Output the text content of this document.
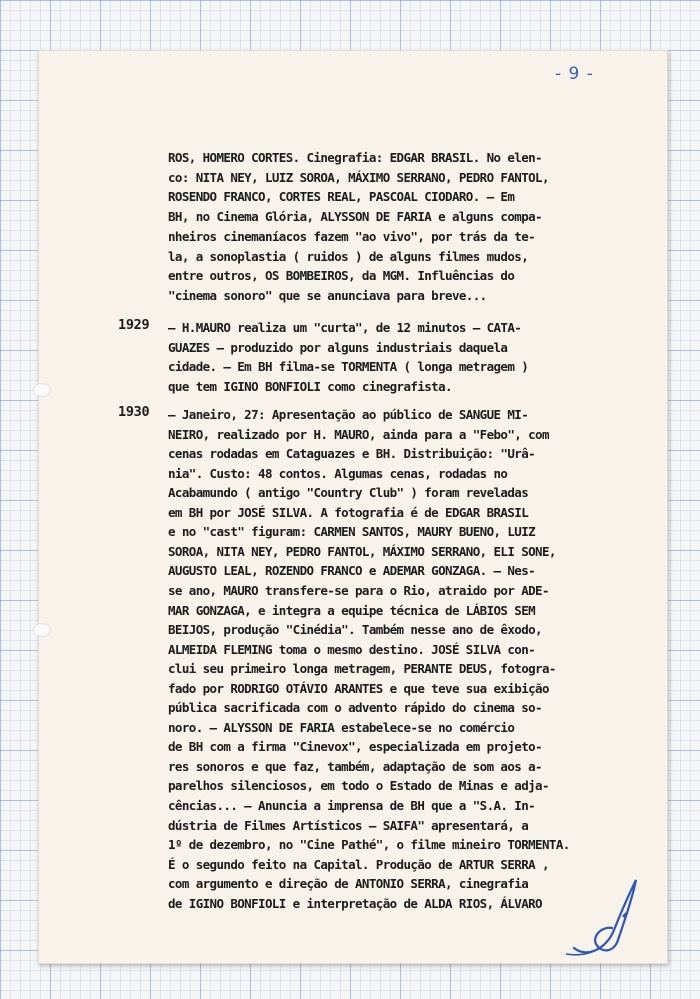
- 9 -
ROS, HOMERO CORTES. Cinegrafia: EDGAR BRASIL. No elen-
co: NITA NEY, LUIZ SOROA, MÁXIMO SERRANO, PEDRO FANTOL,
ROSENDO FRANCO, CORTES REAL, PASCOAL CIODARO. — Em
BH, no Cinema Glória, ALYSSON DE FARIA e alguns compa-
nheiros cinemaníacos fazem "ao vivo", por trás da te-
la, a sonoplastia ( ruidos ) de alguns filmes mudos,
entre outros, OS BOMBEIROS, da MGM. Influências do
"cinema sonoro" que se anunciava para breve...
1929 — H.MAURO realiza um "curta", de 12 minutos — CATA-
GUAZES — produzido por alguns industriais daquela
cidade. — Em BH filma-se TORMENTA ( longa metragem )
que tem IGINO BONFIOLI como cinegrafista.
1930 — Janeiro, 27: Apresentação ao público de SANGUE MI-
NEIRO, realizado por H. MAURO, ainda para a "Febo", com
cenas rodadas em Cataguazes e BH. Distribuição: "Urâ-
nia". Custo: 48 contos. Algumas cenas, rodadas no
Acabamundo ( antigo "Country Club" ) foram reveladas
em BH por JOSÉ SILVA. A fotografia é de EDGAR BRASIL
e no "cast" figuram: CARMEN SANTOS, MAURY BUENO, LUIZ
SOROA, NITA NEY, PEDRO FANTOL, MÁXIMO SERRANO, ELI SONE,
AUGUSTO LEAL, ROZENDO FRANCO e ADEMAR GONZAGA. — Nes-
se ano, MAURO transfere-se para o Rio, atraido por ADE-
MAR GONZAGA, e integra a equipe técnica de LÁBIOS SEM
BEIJOS, produção "Cinédia". Também nesse ano de êxodo,
ALMEIDA FLEMING toma o mesmo destino. JOSÉ SILVA con-
clui seu primeiro longa metragem, PERANTE DEUS, fotogra-
fado por RODRIGO OTÁVIO ARANTES e que teve sua exibição
pública sacrificada com o advento rápido do cinema so-
noro. — ALYSSON DE FARIA estabelece-se no comércio
de BH com a firma "Cinevox", especializada em projeto-
res sonoros e que faz, também, adaptação de som aos a-
parelhos silenciosos, em todo o Estado de Minas e adja-
cências... — Anuncia a imprensa de BH que a "S.A. In-
dústria de Filmes Artísticos — SAIFA" apresentará, a
1º de dezembro, no "Cine Pathé", o filme mineiro TORMENTA.
É o segundo feito na Capital. Produção de ARTUR SERRA ,
com argumento e direção de ANTONIO SERRA, cinegrafia
de IGINO BONFIOLI e interpretação de ALDA RIOS, ÁLVARO
